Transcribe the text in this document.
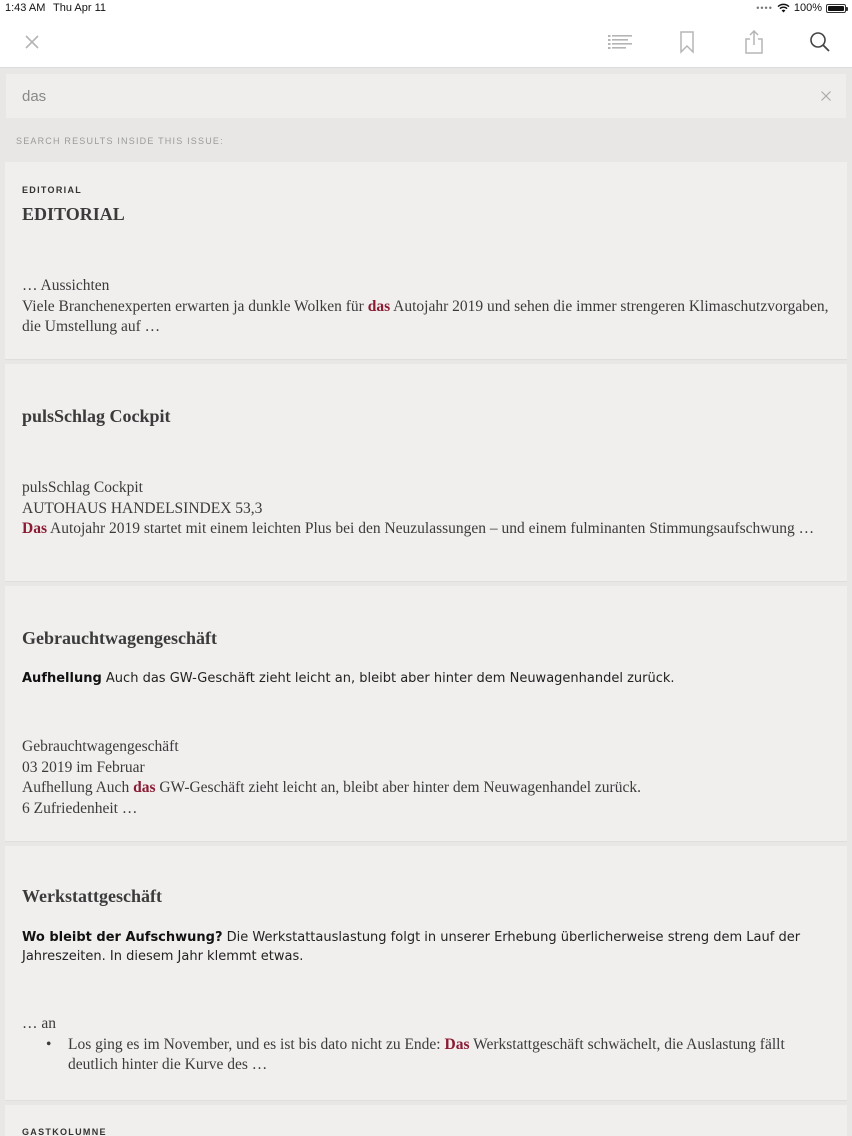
1:43 AM Thu Apr 11	•••• 100%
das
SEARCH RESULTS INSIDE THIS ISSUE:
EDITORIAL
EDITORIAL
… Aussichten
Viele Branchenexperten erwarten ja dunkle Wolken für das Autojahr 2019 und sehen die immer strengeren Klimaschutzvorgaben, die Umstellung auf …
pulsSchlag Cockpit
pulsSchlag Cockpit
AUTOHAUS HANDELSINDEX 53,3
Das Autojahr 2019 startet mit einem leichten Plus bei den Neuzulassungen – und einem fulminanten Stimmungsaufschwung …
Gebrauchtwagengeschäft
Aufhellung Auch das GW-Geschäft zieht leicht an, bleibt aber hinter dem Neuwagenhandel zurück.
Gebrauchtwagengeschäft
03 2019 im Februar
Aufhellung Auch das GW-Geschäft zieht leicht an, bleibt aber hinter dem Neuwagenhandel zurück.
6 Zufriedenheit …
Werkstattgeschäft
Wo bleibt der Aufschwung? Die Werkstattauslastung folgt in unserer Erhebung überlicherweise streng dem Lauf der Jahreszeiten. In diesem Jahr klemmt etwas.
… an
• Los ging es im November, und es ist bis dato nicht zu Ende: Das Werkstattgeschäft schwächelt, die Auslastung fällt deutlich hinter die Kurve des …
GASTKOLUMNE
